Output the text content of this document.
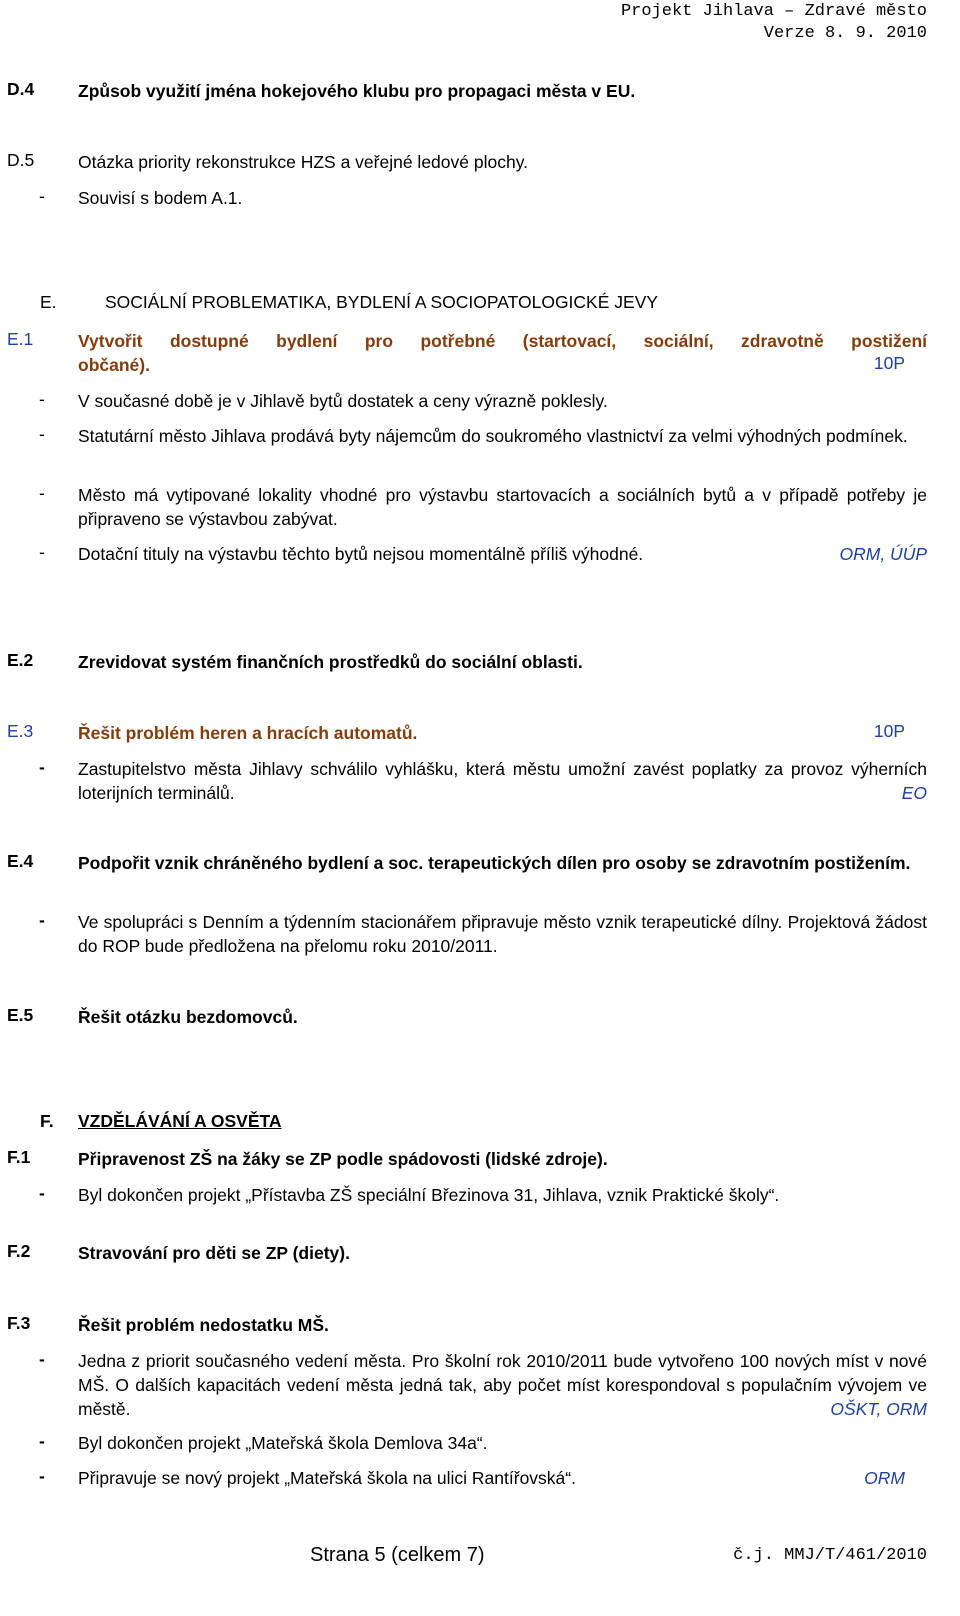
Projekt Jihlava – Zdravé město
Verze 8. 9. 2010
D.4	Způsob využití jména hokejového klubu pro propagaci města v EU.
D.5	Otázka priority rekonstrukce HZS a veřejné ledové plochy.
- Souvisí s bodem A.1.
E.	SOCIÁLNÍ PROBLEMATIKA, BYDLENÍ A SOCIOPATOLOGICKÉ JEVY
E.1	Vytvořit dostupné bydlení pro potřebné (startovací, sociální, zdravotně postižení
občané).	10P
- V současné době je v Jihlavě bytů dostatek a ceny výrazně poklesly.
- Statutární město Jihlava prodává byty nájemcům do soukromého vlastnictví za velmi výhodných podmínek.
- Město má vytipované lokality vhodné pro výstavbu startovacích a sociálních bytů a v případě potřeby je připraveno se výstavbou zabývat.
- Dotační tituly na výstavbu těchto bytů nejsou momentálně příliš výhodné.	ORM, ÚÚP
E.2	Zrevidovat systém finančních prostředků do sociální oblasti.
E.3	Řešit problém heren a hracích automatů.	10P
- Zastupitelstvo města Jihlavy schválilo vyhlášku, která městu umožní zavést poplatky za provoz výherních loterijních terminálů.	EO
E.4	Podpořit vznik chráněného bydlení a soc. terapeutických dílen pro osoby se zdravotním postižením.
- Ve spolupráci s Denním a týdenním stacionářem připravuje město vznik terapeutické dílny. Projektová žádost do ROP bude předložena na přelomu roku 2010/2011.
E.5	Řešit otázku bezdomovců.
F. VZDĚLÁVÁNÍ A OSVĚTA
F.1	Připravenost ZŠ na žáky se ZP podle spádovosti (lidské zdroje).
- Byl dokončen projekt „Přístavba ZŠ speciální Březinova 31, Jihlava, vznik Praktické školy“.
F.2	Stravování pro děti se ZP (diety).
F.3	Řešit problém nedostatku MŠ.
- Jedna z priorit současného vedení města. Pro školní rok 2010/2011 bude vytvořeno 100 nových míst v nové MŠ. O dalších kapacitách vedení města jedná tak, aby počet míst korespondoval s populačním vývojem ve městě.	OŠKT, ORM
- Byl dokončen projekt „Mateřská škola Demlova 34a“.
- Připravuje se nový projekt „Mateřská škola na ulici Rantířovská“.	ORM
Strana 5 (celkem 7)	č.j. MMJ/T/461/2010
